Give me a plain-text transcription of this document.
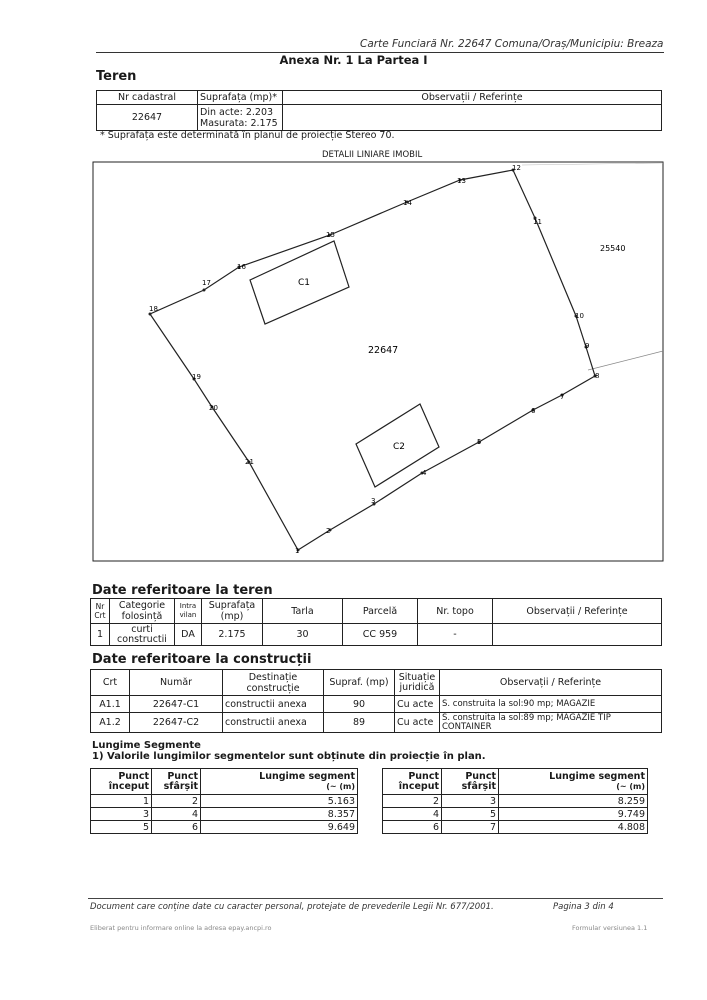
Carte Funciară Nr. 22647 Comuna/Oraș/Municipiu: Breaza
Anexa Nr. 1 La Partea I
Teren
Nr cadastral	Suprafața (mp)*	Observații / Referințe
22647	Din acte: 2.203
Masurata: 2.175	

* Suprafața este determinată în planul de proiecție Stereo 70.
DETALII LINIARE IMOBIL
C1
C2
22647
25540
1
2
3
4
5
6
7
8
9
10
11
12
13
14
15
16
17
18
19
20
21
Date referitoare la teren
Nr Crt	Categorie folosință	Intra vilan	Suprafața (mp)	Tarla	Parcelă	Nr. topo	Observații / Referințe
1	curti constructii	DA	2.175	30	CC 959	-	
Date referitoare la construcții
Crt	Număr	Destinație construcție	Supraf. (mp)	Situație juridică	Observații / Referințe
A1.1	22647-C1	constructii anexa	90	Cu acte	S. construita la sol:90 mp; MAGAZIE
A1.2	22647-C2	constructii anexa	89	Cu acte	S. construita la sol:89 mp; MAGAZIE TIP CONTAINER
Lungime Segmente
1) Valorile lungimilor segmentelor sunt obținute din proiecție în plan.
Punct început	Punct sfârșit	Lungime segment
(~ (m)

1	2	5.163
3	4	8.357
5	6	9.649
Punct început	Punct sfârșit	Lungime segment
(~ (m)

2	3	8.259
4	5	9.749
6	7	4.808
Document care conține date cu caracter personal, protejate de prevederile Legii Nr. 677/2001.	Pagina 3 din 4
Eliberat pentru informare online la adresa epay.ancpi.ro	Formular versiunea 1.1
